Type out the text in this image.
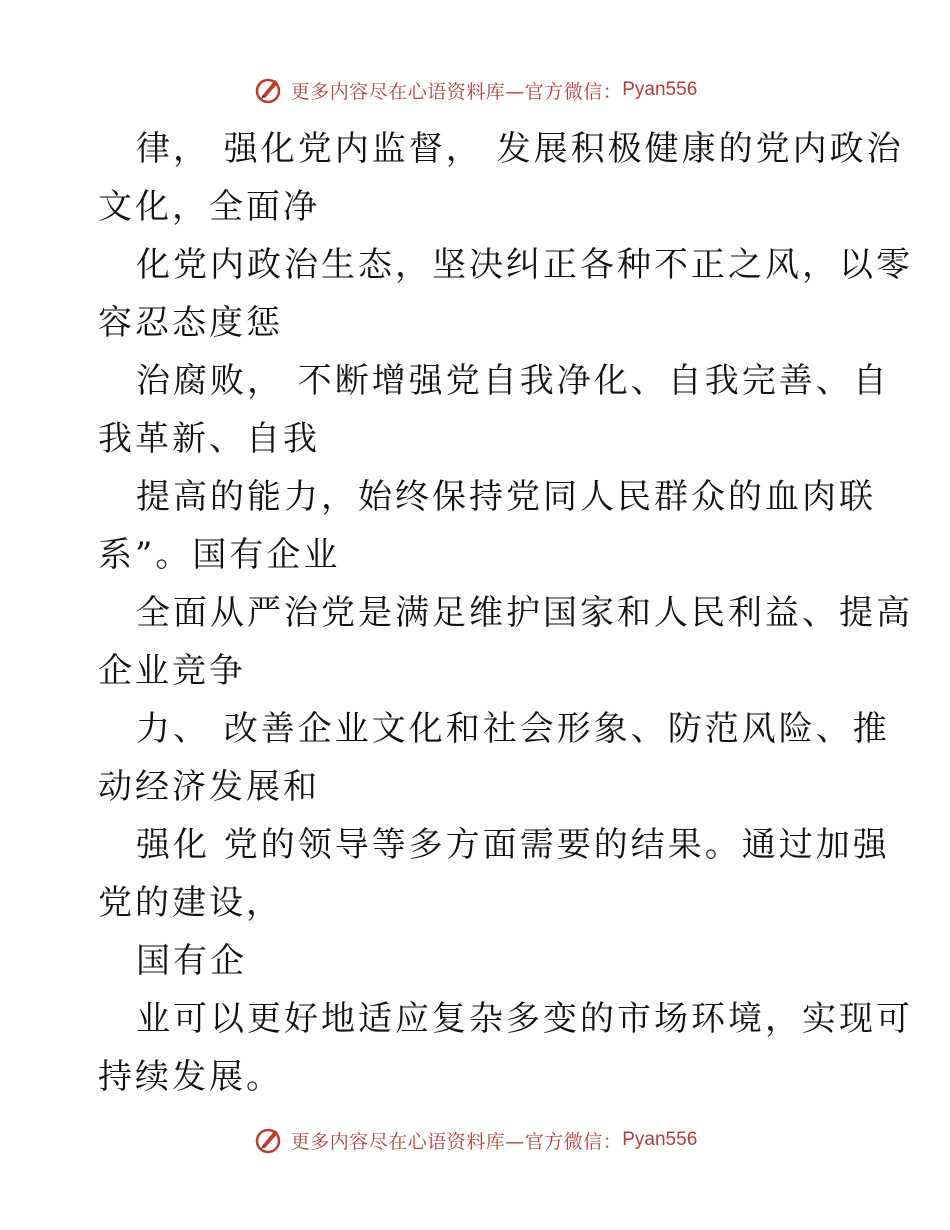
更多内容尽在心语资料库—官方微信： Pyan556

律， 强化党内监督， 发展积极健康的党内政治
文化，全面净

化党内政治生态，坚决纠正各种不正之风，以零
容忍态度惩

治腐败， 不断增强党自我净化、自我完善、自
我革新、自我

提高的能力，始终保持党同人民群众的血肉联
系”。国有企业

全面从严治党是满足维护国家和人民利益、提高
企业竞争

力、 改善企业文化和社会形象、防范风险、推
动经济发展和

强化 党的领导等多方面需要的结果。通过加强
党的建设，

国有企

业可以更好地适应复杂多变的市场环境，实现可
持续发展。

更多内容尽在心语资料库—官方微信： Pyan556
